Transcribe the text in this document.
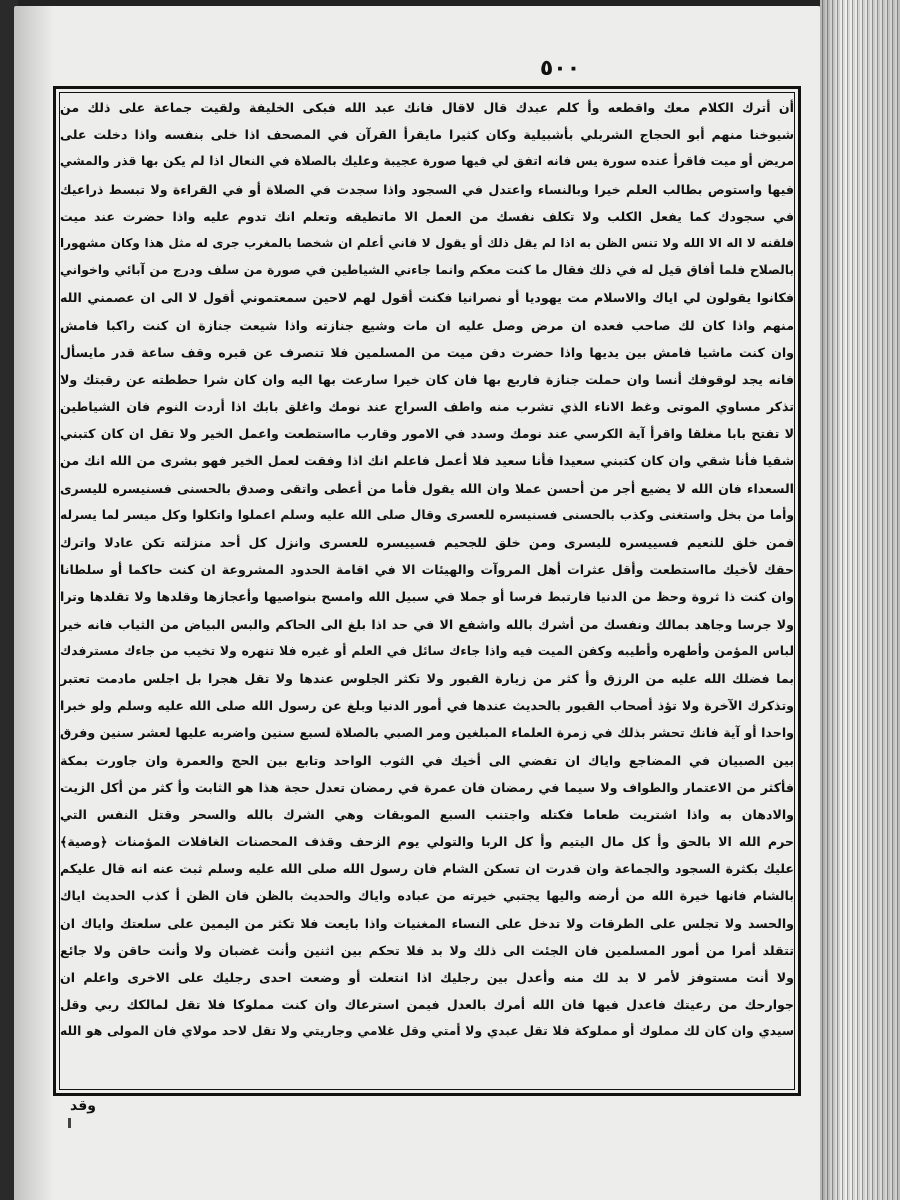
٥٠٠
أن أترك الكلام معك واقطعه وأ كلم عبدك قال لاقال فانك عبد الله فبكى الخليفة ولقيت جماعة على ذلك من
شيوخنا منهم أبو الحجاج الشربلي بأشبيلية وكان كثيرا مايقرأ القرآن في المصحف اذا خلى بنفسه واذا دخلت على
مريض أو ميت فاقرأ عنده سورة يس فانه اتفق لي فيها صورة عجيبة وعليك بالصلاة في النعال اذا لم يكن بها قذر والمشي
فيها واستوص بطالب العلم خيرا وبالنساء واعتدل في السجود واذا سجدت في الصلاة أو في القراءة ولا تبسط ذراعيك
في سجودك كما يفعل الكلب ولا تكلف نفسك من العمل الا ماتطيقه وتعلم انك تدوم عليه واذا حضرت عند ميت
فلقنه لا اله الا الله ولا تنس الظن به اذا لم يقل ذلك أو يقول لا فاني أعلم ان شخصا بالمغرب جرى له مثل هذا وكان مشهورا
بالصلاح فلما أفاق قيل له في ذلك فقال ما كنت معكم وانما جاءني الشياطين في صورة من سلف ودرج من آبائي واخواني
فكانوا يقولون لي اياك والاسلام مت يهوديا أو نصرانيا فكنت أقول لهم لاحين سمعتموني أقول لا الى ان عصمني الله
منهم واذا كان لك صاحب فعده ان مرض وصل عليه ان مات وشيع جنازته واذا شيعت جنازة ان كنت راكبا فامش
وان كنت ماشيا فامش بين يديها واذا حضرت دفن ميت من المسلمين فلا تنصرف عن قبره وقف ساعة قدر مايسأل
فانه يجد لوقوفك أنسا وان حملت جنازة فاربع بها فان كان خيرا سارعت بها اليه وان كان شرا حططته عن رقبتك ولا
تذكر مساوي الموتى وغط الاناء الذي تشرب منه واطف السراج عند نومك واغلق بابك اذا أردت النوم فان الشياطين
لا تفتح بابا مغلقا واقرأ آية الكرسي عند نومك وسدد في الامور وقارب مااستطعت واعمل الخير ولا تقل ان كان كتبني
شقيا فأنا شقي وان كان كتبني سعيدا فأنا سعيد فلا أعمل فاعلم انك اذا وفقت لعمل الخير فهو بشرى من الله انك من
السعداء فان الله لا يضيع أجر من أحسن عملا وان الله يقول فأما من أعطى واتقى وصدق بالحسنى فسنيسره لليسرى
وأما من بخل واستغنى وكذب بالحسنى فسنيسره للعسرى وقال صلى الله عليه وسلم اعملوا واتكلوا وكل ميسر لما يسرله
فمن خلق للنعيم فسييسره لليسرى ومن خلق للجحيم فسييسره للعسرى وانزل كل أحد منزلته تكن عادلا واترك
حقك لأخيك مااستطعت وأقل عثرات أهل المروآت والهيئات الا في اقامة الحدود المشروعة ان كنت حاكما أو سلطانا
وان كنت ذا ثروة وحظ من الدنيا فارتبط فرسا أو جملا في سبيل الله وامسح بنواصيها وأعجازها وقلدها ولا تقلدها وترا
ولا جرسا وجاهد بمالك ونفسك من أشرك بالله واشفع الا في حد اذا بلغ الى الحاكم والبس البياض من الثياب فانه خير
لباس المؤمن وأطهره وأطيبه وكفن الميت فيه واذا جاءك سائل في العلم أو غيره فلا تنهره ولا تخيب من جاءك مسترفدك
بما فضلك الله عليه من الرزق وأ كثر من زيارة القبور ولا تكثر الجلوس عندها ولا تقل هجرا بل اجلس مادمت تعتبر
وتذكرك الآخرة ولا تؤذ أصحاب القبور بالحديث عندها في أمور الدنيا وبلغ عن رسول الله صلى الله عليه وسلم ولو خبرا
واحدا أو آية فانك تحشر بذلك في زمرة العلماء المبلغين ومر الصبي بالصلاة لسبع سنين واضربه عليها لعشر سنين وفرق
بين الصبيان في المضاجع واياك ان تفضي الى أخيك في الثوب الواحد وتابع بين الحج والعمرة وان جاورت بمكة
فأكثر من الاعتمار والطواف ولا سيما في رمضان فان عمرة في رمضان تعدل حجة هذا هو الثابت وأ كثر من أكل الزيت
والادهان به واذا اشتريت طعاما فكتله واجتنب السبع الموبقات وهي الشرك بالله والسحر وقتل النفس التي
حرم الله الا بالحق وأ كل مال اليتيم وأ كل الربا والتولي يوم الزحف وقذف المحصنات الغافلات المؤمنات ﴿وصية﴾
عليك بكثرة السجود والجماعة وان قدرت ان تسكن الشام فان رسول الله صلى الله عليه وسلم ثبت عنه انه قال عليكم
بالشام فانها خيرة الله من أرضه واليها يجتبي خيرته من عباده واياك والحديث بالظن فان الظن أ كذب الحديث اياك
والحسد ولا تجلس على الطرقات ولا تدخل على النساء المغنيات واذا بايعت فلا تكثر من اليمين على سلعتك واياك ان
تتقلد أمرا من أمور المسلمين فان الجئت الى ذلك ولا بد فلا تحكم بين اثنين وأنت غضبان ولا وأنت حاقن ولا جائع
ولا أنت مستوفز لأمر لا بد لك منه وأعدل بين رجليك اذا انتعلت أو وضعت احدى رجليك على الاخرى واعلم ان
جوارحك من رعيتك فاعدل فيها فان الله أمرك بالعدل فيمن استرعاك وان كنت مملوكا فلا تقل لمالكك ربي وقل
سيدي وان كان لك مملوك أو مملوكة فلا تقل عبدي ولا أمتي وقل غلامي وجاريتي ولا تقل لاحد مولاي فان المولى هو الله
وقد
